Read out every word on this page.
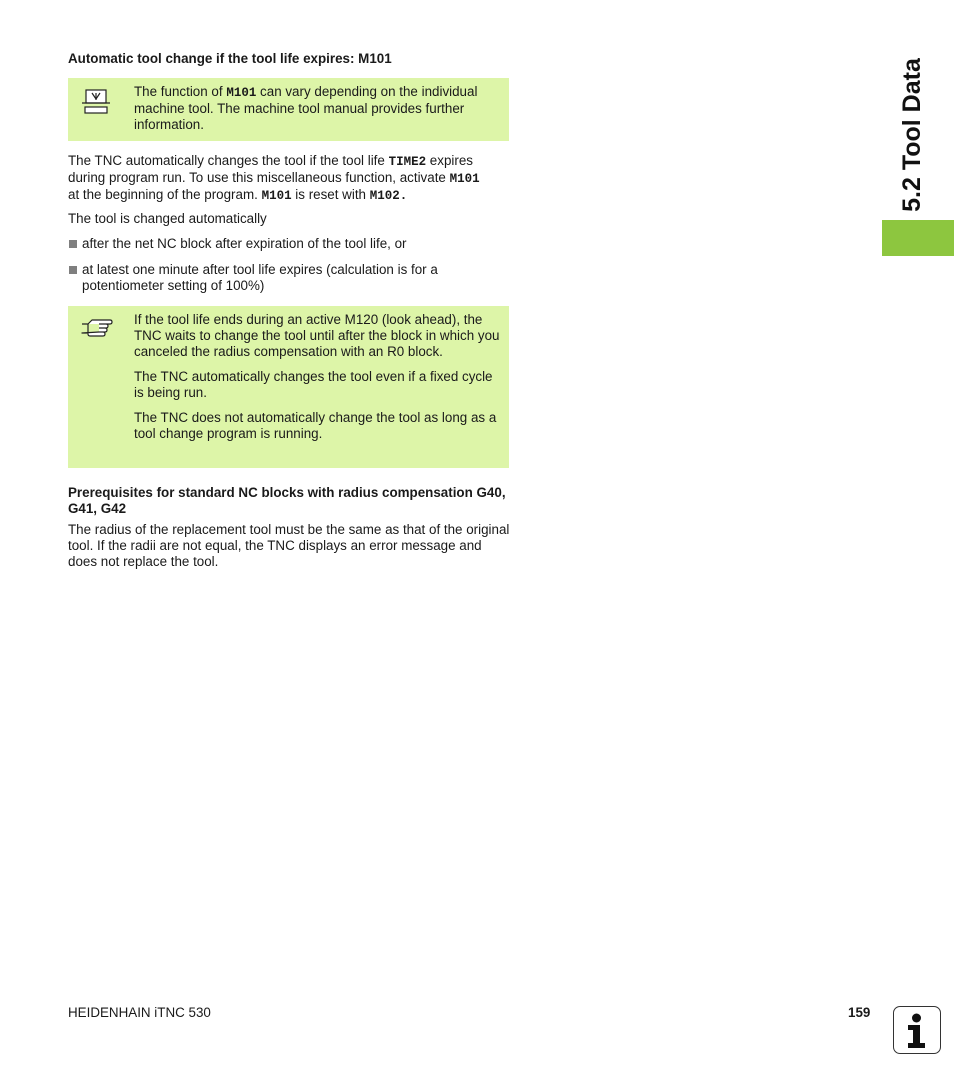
5.2 Tool Data
Automatic tool change if the tool life expires: M101

The function of M101 can vary depending on the individual machine tool. The machine tool manual provides further information.

The TNC automatically changes the tool if the tool life TIME2 expires during program run. To use this miscellaneous function, activate M101
at the beginning of the program. M101 is reset with M102.
The tool is changed automatically
after the net NC block after expiration of the tool life, or
at latest one minute after tool life expires (calculation is for a potentiometer setting of 100%)

If the tool life ends during an active M120 (look ahead), the TNC waits to change the tool until after the block in which you canceled the radius compensation with an R0 block.

The TNC automatically changes the tool even if a fixed cycle is being run.

The TNC does not automatically change the tool as long as a tool change program is running.

Prerequisites for standard NC blocks with radius compensation G40, G41, G42
The radius of the replacement tool must be the same as that of the original tool. If the radii are not equal, the TNC displays an error message and does not replace the tool.
HEIDENHAIN iTNC 530	159
